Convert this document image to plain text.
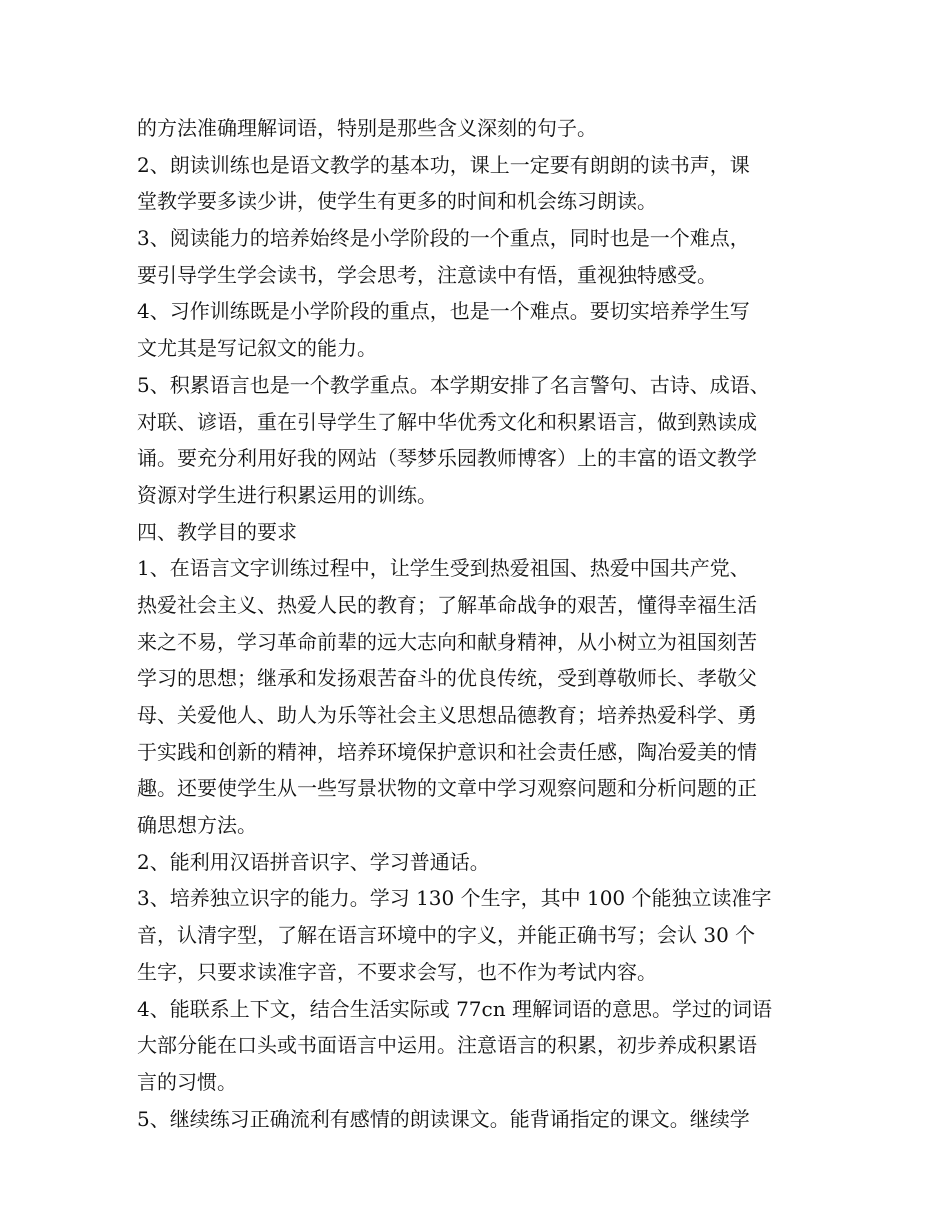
的方法准确理解词语，特别是那些含义深刻的句子。
2、朗读训练也是语文教学的基本功，课上一定要有朗朗的读书声，课
堂教学要多读少讲，使学生有更多的时间和机会练习朗读。
3、阅读能力的培养始终是小学阶段的一个重点，同时也是一个难点，
要引导学生学会读书，学会思考，注意读中有悟，重视独特感受。
4、习作训练既是小学阶段的重点，也是一个难点。要切实培养学生写
文尤其是写记叙文的能力。
5、积累语言也是一个教学重点。本学期安排了名言警句、古诗、成语、
对联、谚语，重在引导学生了解中华优秀文化和积累语言，做到熟读成
诵。要充分利用好我的网站（琴梦乐园教师博客）上的丰富的语文教学
资源对学生进行积累运用的训练。
四、教学目的要求
1、在语言文字训练过程中，让学生受到热爱祖国、热爱中国共产党、
热爱社会主义、热爱人民的教育；了解革命战争的艰苦，懂得幸福生活
来之不易，学习革命前辈的远大志向和献身精神，从小树立为祖国刻苦
学习的思想；继承和发扬艰苦奋斗的优良传统，受到尊敬师长、孝敬父
母、关爱他人、助人为乐等社会主义思想品德教育；培养热爱科学、勇
于实践和创新的精神，培养环境保护意识和社会责任感，陶冶爱美的情
趣。还要使学生从一些写景状物的文章中学习观察问题和分析问题的正
确思想方法。
2、能利用汉语拼音识字、学习普通话。
3、培养独立识字的能力。学习 130 个生字，其中 100 个能独立读准字
音，认清字型，了解在语言环境中的字义，并能正确书写；会认 30 个
生字，只要求读准字音，不要求会写，也不作为考试内容。
4、能联系上下文，结合生活实际或 77cn 理解词语的意思。学过的词语
大部分能在口头或书面语言中运用。注意语言的积累，初步养成积累语
言的习惯。
5、继续练习正确流利有感情的朗读课文。能背诵指定的课文。继续学
